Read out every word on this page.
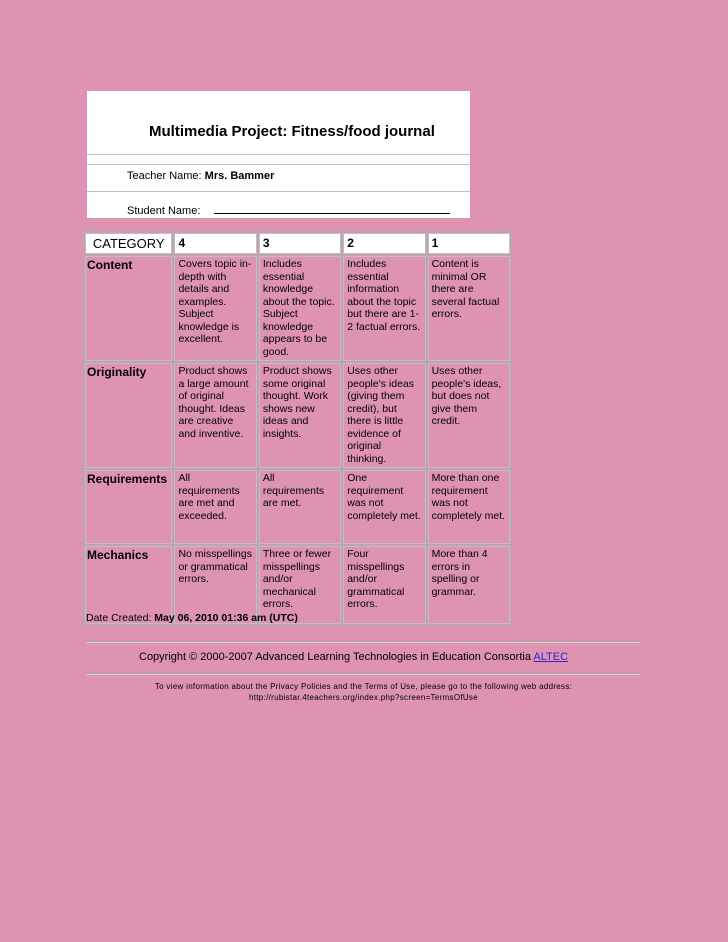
Multimedia Project: Fitness/food journal
Teacher Name: Mrs. Bammer
Student Name:
CATEGORY	4	3	2	1
Content	Covers topic in-depth with details and examples. Subject knowledge is excellent.	Includes essential knowledge about the topic. Subject knowledge appears to be good.	Includes essential information about the topic but there are 1-2 factual errors.	Content is minimal OR there are several factual errors.
Originality	Product shows a large amount of original thought. Ideas are creative and inventive.	Product shows some original thought. Work shows new ideas and insights.	Uses other people's ideas (giving them credit), but there is little evidence of original thinking.	Uses other people's ideas, but does not give them credit.
Requirements	All requirements are met and exceeded.	All requirements are met.	One requirement was not completely met.	More than one requirement was not completely met.
Mechanics	No misspellings or grammatical errors.	Three or fewer misspellings and/or mechanical errors.	Four misspellings and/or grammatical errors.	More than 4 errors in spelling or grammar.
Date Created: May 06, 2010 01:36 am (UTC)
Copyright © 2000-2007 Advanced Learning Technologies in Education Consortia ALTEC
To view information about the Privacy Policies and the Terms of Use, please go to the following web address:
http://rubistar.4teachers.org/index.php?screen=TermsOfUse
